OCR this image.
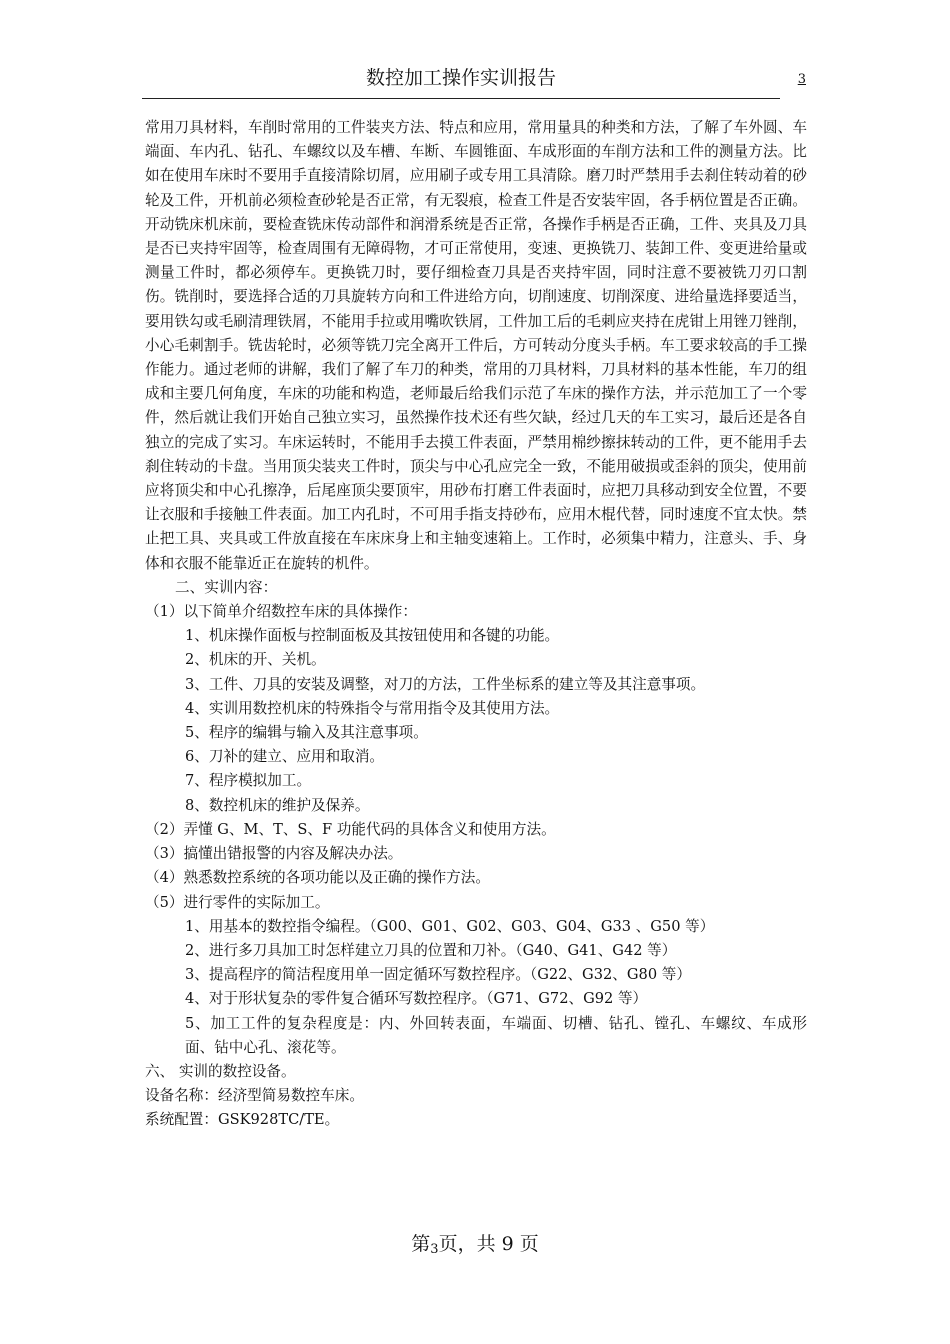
数控加工操作实训报告	3

常用刀具材料，车削时常用的工件装夹方法、特点和应用，常用量具的种类和方法，了解了车外圆、车端面、车内孔、钻孔、车螺纹以及车槽、车断、车圆锥面、车成形面的车削方法和工件的测量方法。比如在使用车床时不要用手直接清除切屑，应用刷子或专用工具清除。磨刀时严禁用手去刹住转动着的砂轮及工件，开机前必须检查砂轮是否正常，有无裂痕，检查工件是否安装牢固，各手柄位置是否正确。开动铣床机床前，要检查铣床传动部件和润滑系统是否正常，各操作手柄是否正确，工件、夹具及刀具是否已夹持牢固等，检查周围有无障碍物，才可正常使用，变速、更换铣刀、装卸工件、变更进给量或测量工件时，都必须停车。更换铣刀时，要仔细检查刀具是否夹持牢固，同时注意不要被铣刀刃口割伤。铣削时，要选择合适的刀具旋转方向和工件进给方向，切削速度、切削深度、进给量选择要适当，要用铁勾或毛刷清理铁屑，不能用手拉或用嘴吹铁屑，工件加工后的毛刺应夹持在虎钳上用锉刀锉削，小心毛刺割手。铣齿轮时，必须等铣刀完全离开工件后，方可转动分度头手柄。车工要求较高的手工操作能力。通过老师的讲解，我们了解了车刀的种类，常用的刀具材料，刀具材料的基本性能，车刀的组成和主要几何角度，车床的功能和构造，老师最后给我们示范了车床的操作方法，并示范加工了一个零件，然后就让我们开始自己独立实习，虽然操作技术还有些欠缺，经过几天的车工实习，最后还是各自独立的完成了实习。车床运转时，不能用手去摸工件表面，严禁用棉纱擦抹转动的工件，更不能用手去刹住转动的卡盘。当用顶尖装夹工件时，顶尖与中心孔应完全一致，不能用破损或歪斜的顶尖，使用前应将顶尖和中心孔擦净，后尾座顶尖要顶牢，用砂布打磨工件表面时，应把刀具移动到安全位置，不要让衣服和手接触工件表面。加工内孔时，不可用手指支持砂布，应用木棍代替，同时速度不宜太快。禁止把工具、夹具或工件放直接在车床床身上和主轴变速箱上。工作时，必须集中精力，注意头、手、身体和衣服不能靠近正在旋转的机件。

二、实训内容：

（1）以下简单介绍数控车床的具体操作：

1、机床操作面板与控制面板及其按钮使用和各键的功能。

2、机床的开、关机。

3、工件、刀具的安装及调整，对刀的方法，工件坐标系的建立等及其注意事项。

4、实训用数控机床的特殊指令与常用指令及其使用方法。

5、程序的编辑与输入及其注意事项。

6、刀补的建立、应用和取消。

7、程序模拟加工。

8、数控机床的维护及保养。

（2）弄懂 G、M、T、S、F 功能代码的具体含义和使用方法。

（3）搞懂出错报警的内容及解决办法。

（4）熟悉数控系统的各项功能以及正确的操作方法。

（5）进行零件的实际加工。

1、用基本的数控指令编程。（G00、G01、G02、G03、G04、G33 、G50 等）

2、进行多刀具加工时怎样建立刀具的位置和刀补。（G40、G41、G42 等）

3、提高程序的简洁程度用单一固定循环写数控程序。（G22、G32、G80 等）

4、对于形状复杂的零件复合循环写数控程序。（G71、G72、G92 等）

5、加工工件的复杂程度是：内、外回转表面，车端面、切槽、钻孔、镗孔、车螺纹、车成形面、钻中心孔、滚花等。

六、 实训的数控设备。

设备名称：经济型简易数控车床。

系统配置：GSK928TC/TE。

第$_3$页，共 9 页
